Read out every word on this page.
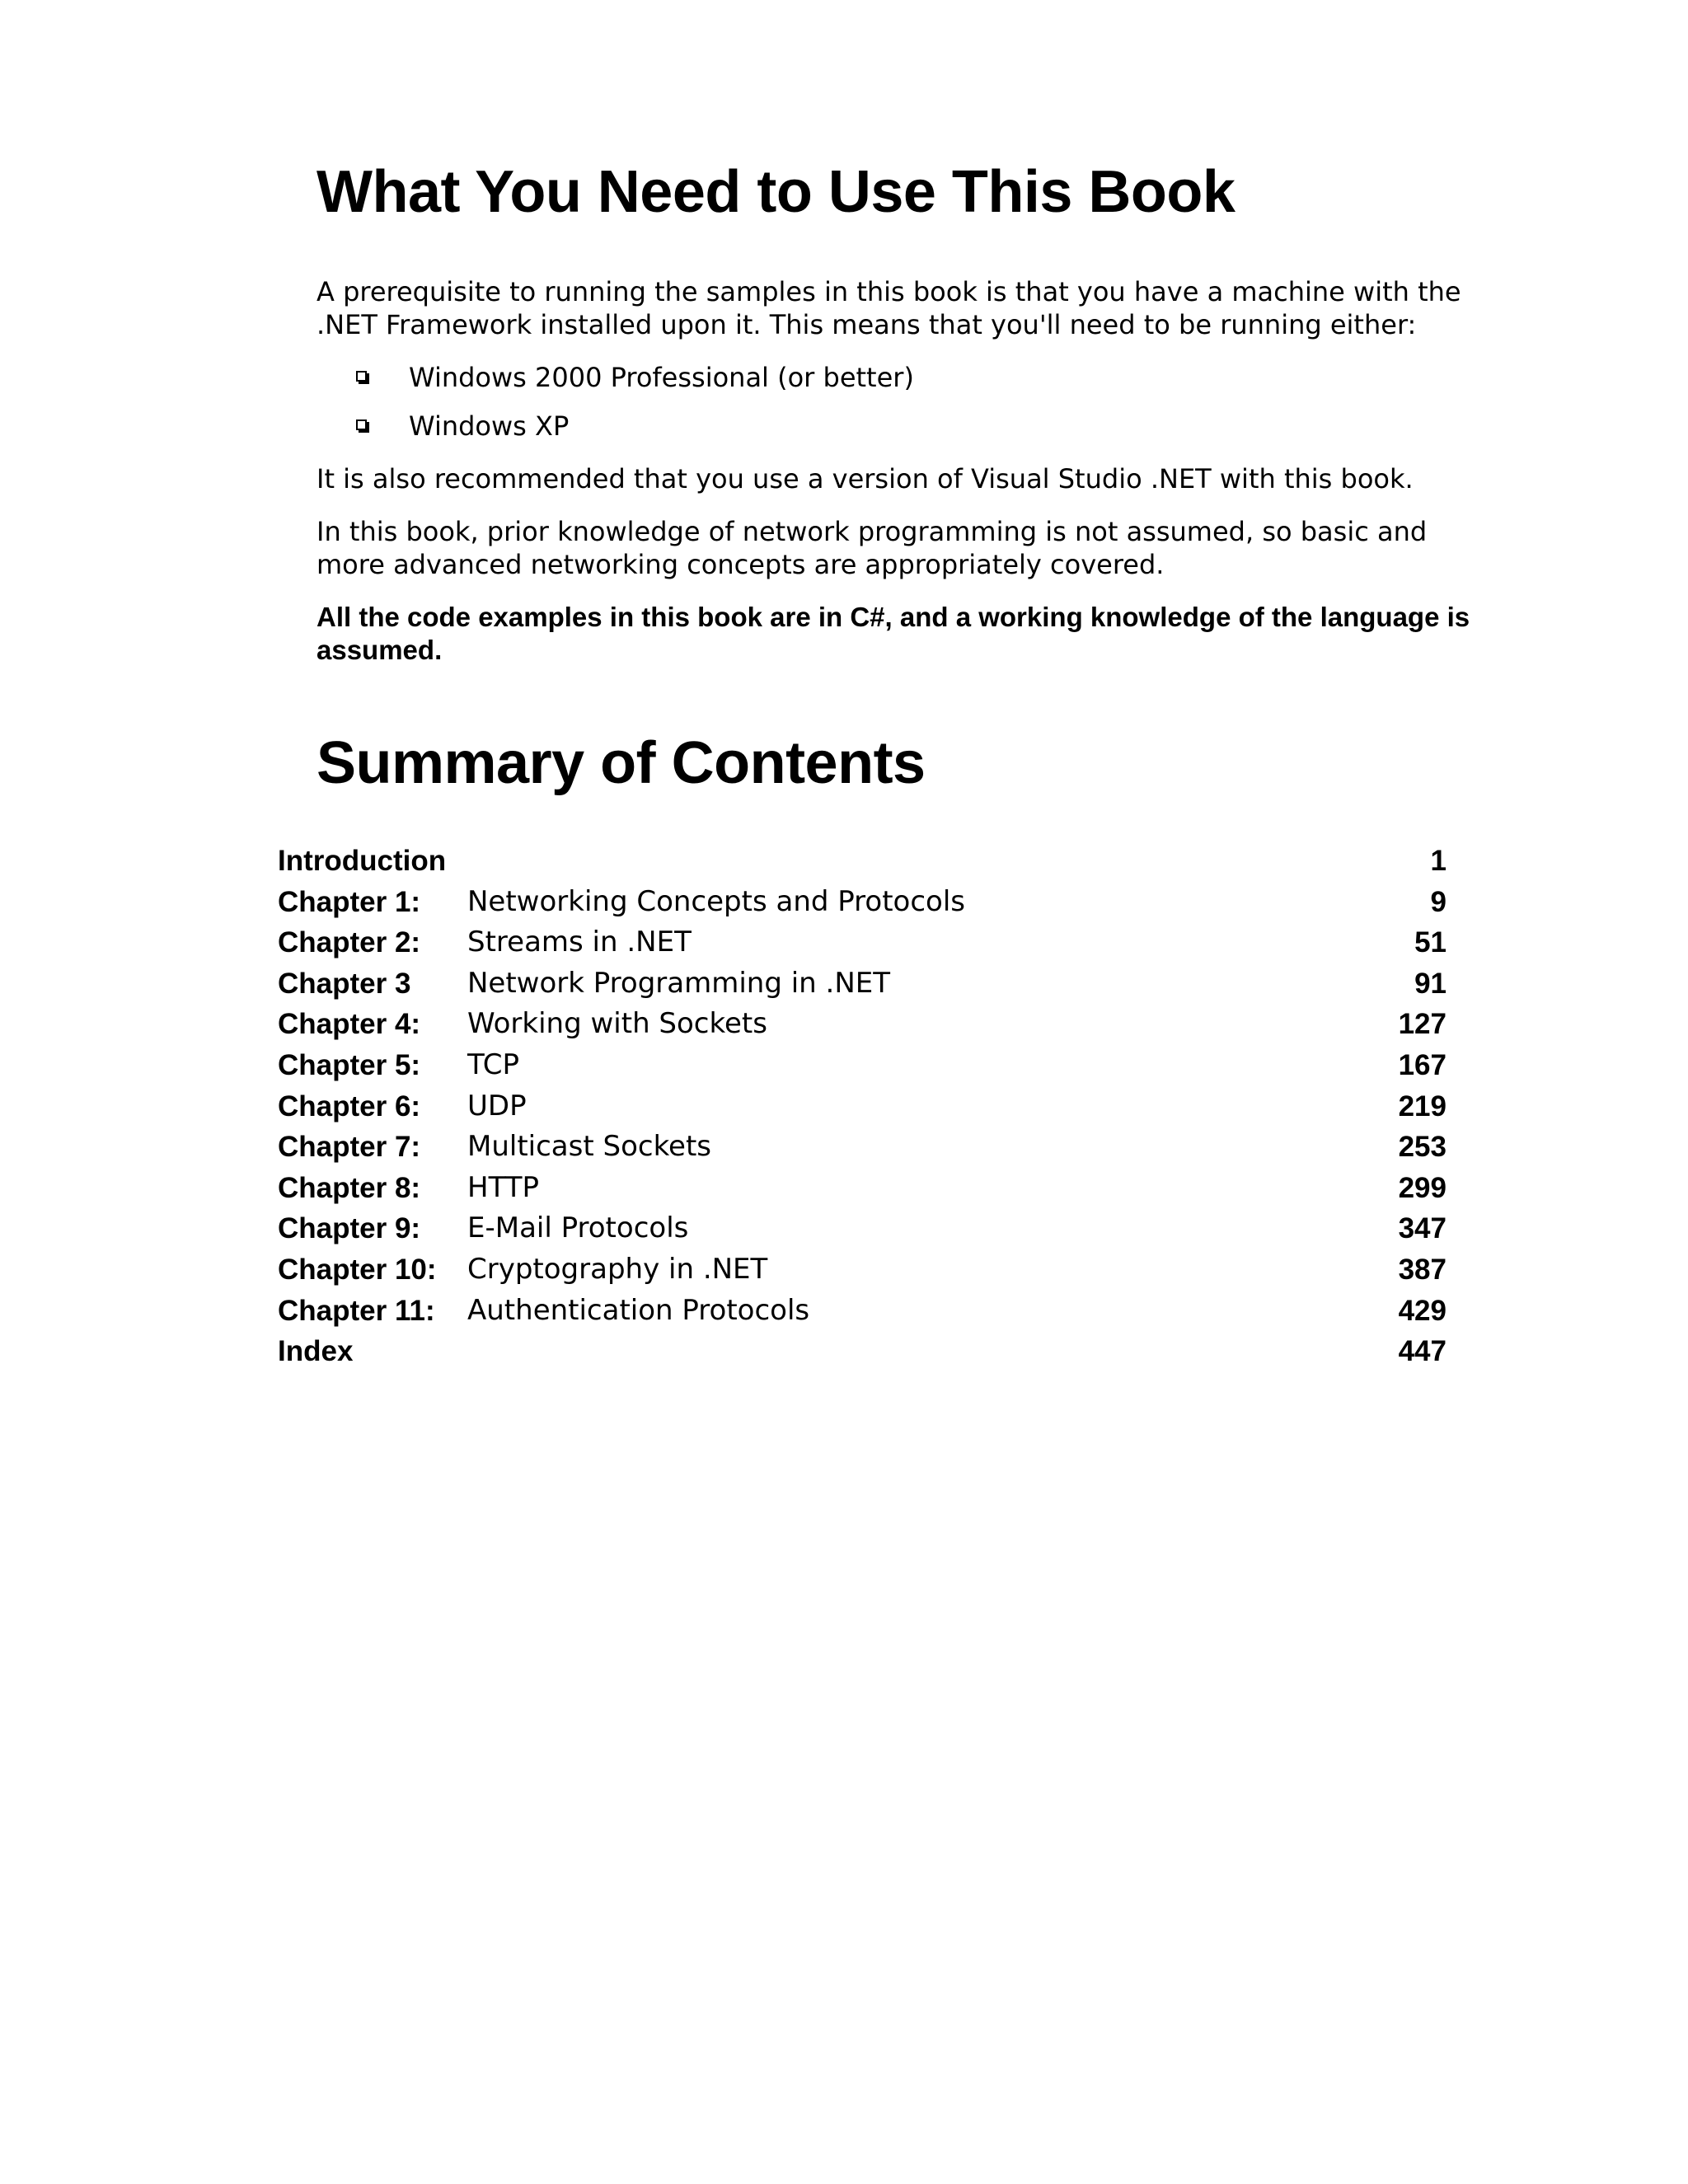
What You Need to Use This Book

A prerequisite to running the samples in this book is that you have a machine with the .NET Framework installed upon it. This means that you'll need to be running either:

Windows 2000 Professional (or better)
Windows XP

It is also recommended that you use a version of Visual Studio .NET with this book.

In this book, prior knowledge of network programming is not assumed, so basic and more advanced networking concepts are appropriately covered.

All the code examples in this book are in C#, and a working knowledge of the language is assumed.

Summary of Contents
Introduction	1
Chapter 1: Networking Concepts and Protocols	9
Chapter 2: Streams in .NET	51
Chapter 3 Network Programming in .NET	91
Chapter 4: Working with Sockets	127
Chapter 5: TCP	167
Chapter 6: UDP	219
Chapter 7: Multicast Sockets	253
Chapter 8: HTTP	299
Chapter 9: E-Mail Protocols	347
Chapter 10: Cryptography in .NET	387
Chapter 11: Authentication Protocols	429
Index	447
